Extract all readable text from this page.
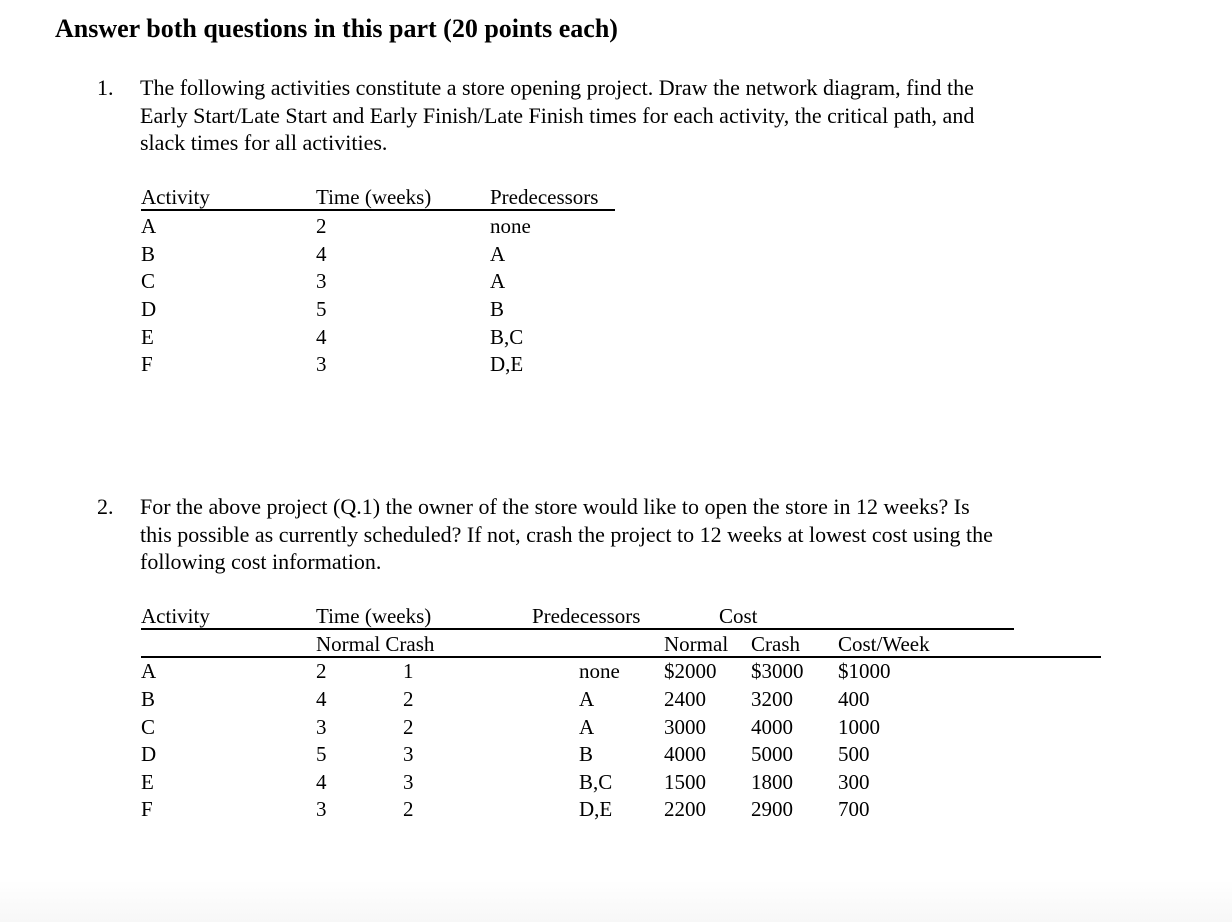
Answer both questions in this part (20 points each)
1. The following activities constitute a store opening project. Draw the network diagram, find the
Early Start/Late Start and Early Finish/Late Finish times for each activity, the critical path, and
slack times for all activities.
Activity	Time (weeks)	Predecessors
A	2	none
B	4	A
C	3	A
D	5	B
E	4	B,C
F	3	D,E
2. For the above project (Q.1) the owner of the store would like to open the store in 12 weeks? Is
this possible as currently scheduled? If not, crash the project to 12 weeks at lowest cost using the
following cost information.
Activity	Time (weeks)	Predecessors	Cost
Normal Crash	Normal Crash Cost/Week
A	2	1	none $2000 $3000 $1000
B	4	2	A	2400 3200 400
C	3	2	A	3000 4000 1000
D	5	3	B	4000 5000 500
E	4	3	B,C 1500 1800 300
F	3	2	D,E 2200 2900 700
